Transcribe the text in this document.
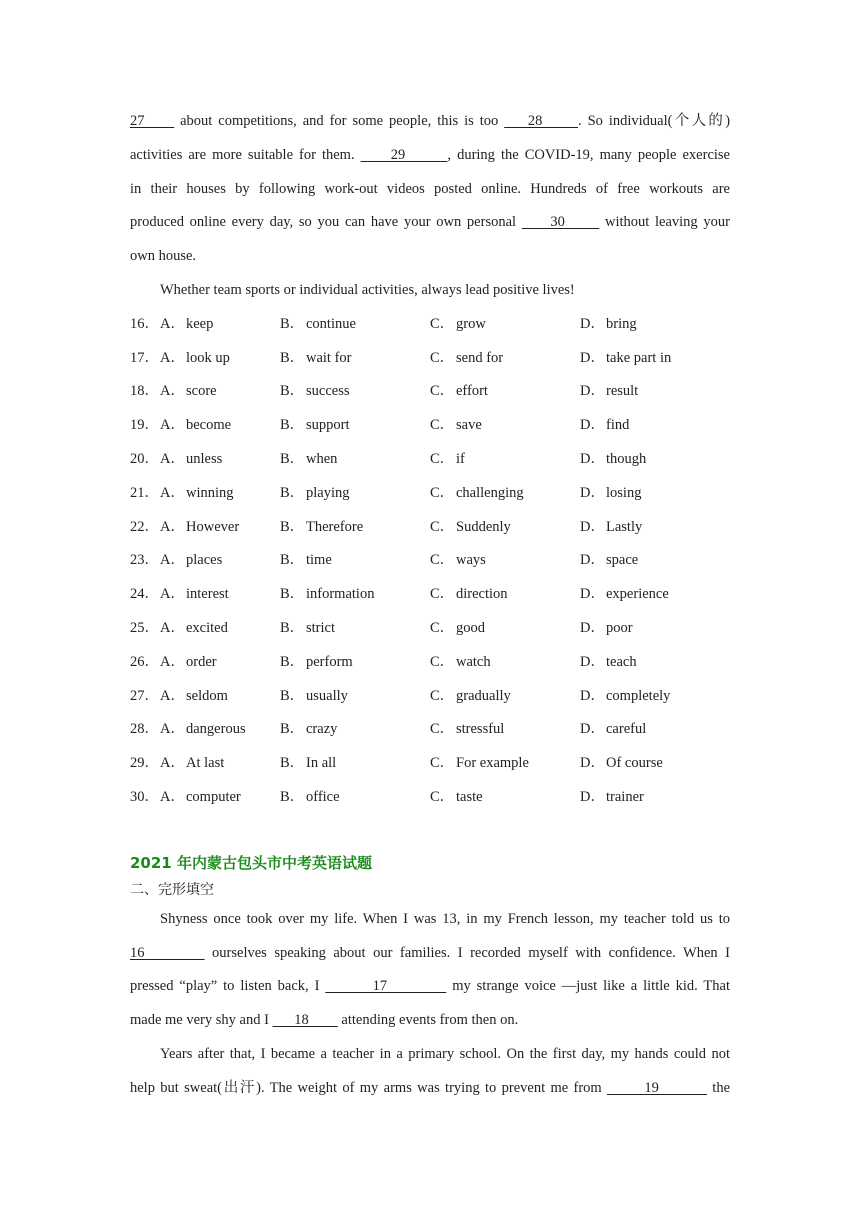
27      about competitions, and for some people, this is too     28      . So individual(个人的)
activities are more suitable for them.      29       , during the COVID-19, many people exercise
in their houses by following work-out videos posted online. Hundreds of free workouts are
produced online every day, so you can have your own personal      30       without leaving your
own house.
Whether team sports or individual activities, always lead positive lives!
16． A．keep	B． continue	C． grow	D．bring
17． A．look up	B． wait for	C． send for	D．take part in
18． A．score	B． success	C． effort	D．result
19． A．become	B． support	C． save	D．find
20． A．unless	B． when	C． if	D．though
21． A．winning	B． playing	C． challenging	D．losing
22． A．However	B． Therefore	C． Suddenly	D．Lastly
23． A．places	B． time	C． ways	D．space
24． A．interest	B． information	C． direction	D．experience
25． A．excited	B． strict	C． good	D．poor
26． A．order	B． perform	C． watch	D．teach
27． A．seldom	B． usually	C． gradually	D．completely
28． A．dangerous	B． crazy	C． stressful	D．careful
29． A．At last	B． In all	C． For example	D．Of course
30． A．computer	B． office	C． taste	D．trainer
2021 年内蒙古包头市中考英语试题
二、完形填空
Shyness once took over my life. When I was 13, in my French lesson, my teacher told us to
16         ourselves speaking about our families. I recorded myself with confidence. When I
pressed “play” to listen back, I         17           my strange voice —just like a little kid. That
made me very shy and I       18         attending events from then on.
Years after that, I became a teacher in a primary school. On the first day, my hands could not
help but sweat(出汗). The weight of my arms was trying to prevent me from        19          the
